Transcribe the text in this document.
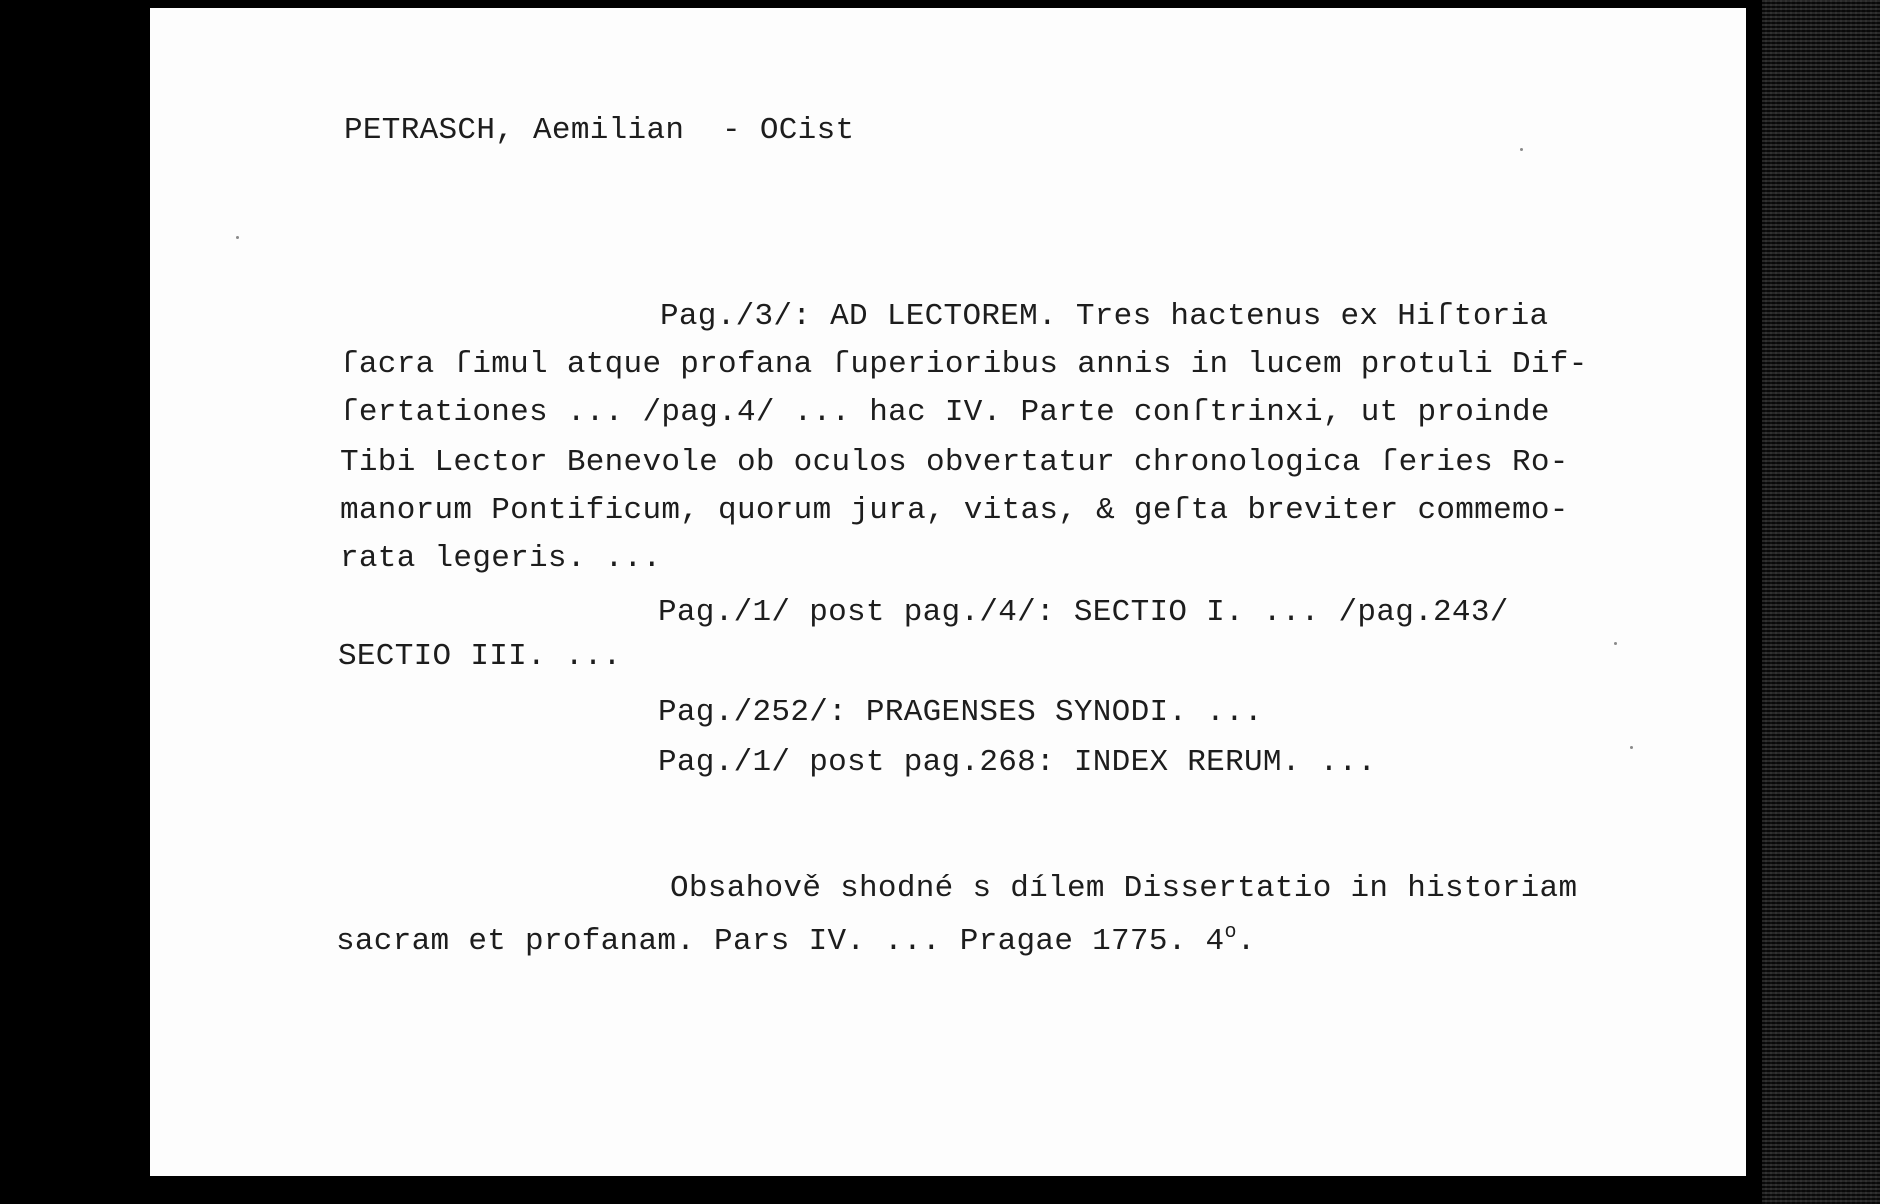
PETRASCH, Aemilian  - OCist

Pag./3/: AD LECTOREM. Tres hactenus ex Hiſtoria

ſacra ſimul atque profana ſuperioribus annis in lucem protuli Dif-

ſertationes ... /pag.4/ ... hac IV. Parte conſtrinxi, ut proinde

Tibi Lector Benevole ob oculos obvertatur chronologica ſeries Ro-

manorum Pontificum, quorum jura, vitas, & geſta breviter commemo-

rata legeris. ...

Pag./1/ post pag./4/: SECTIO I. ... /pag.243/

SECTIO III. ...

Pag./252/: PRAGENSES SYNODI. ...

Pag./1/ post pag.268: INDEX RERUM. ...

Obsahově shodné s dílem Dissertatio in historiam

sacram et profanam. Pars IV. ... Pragae 1775. 4$^o$.
